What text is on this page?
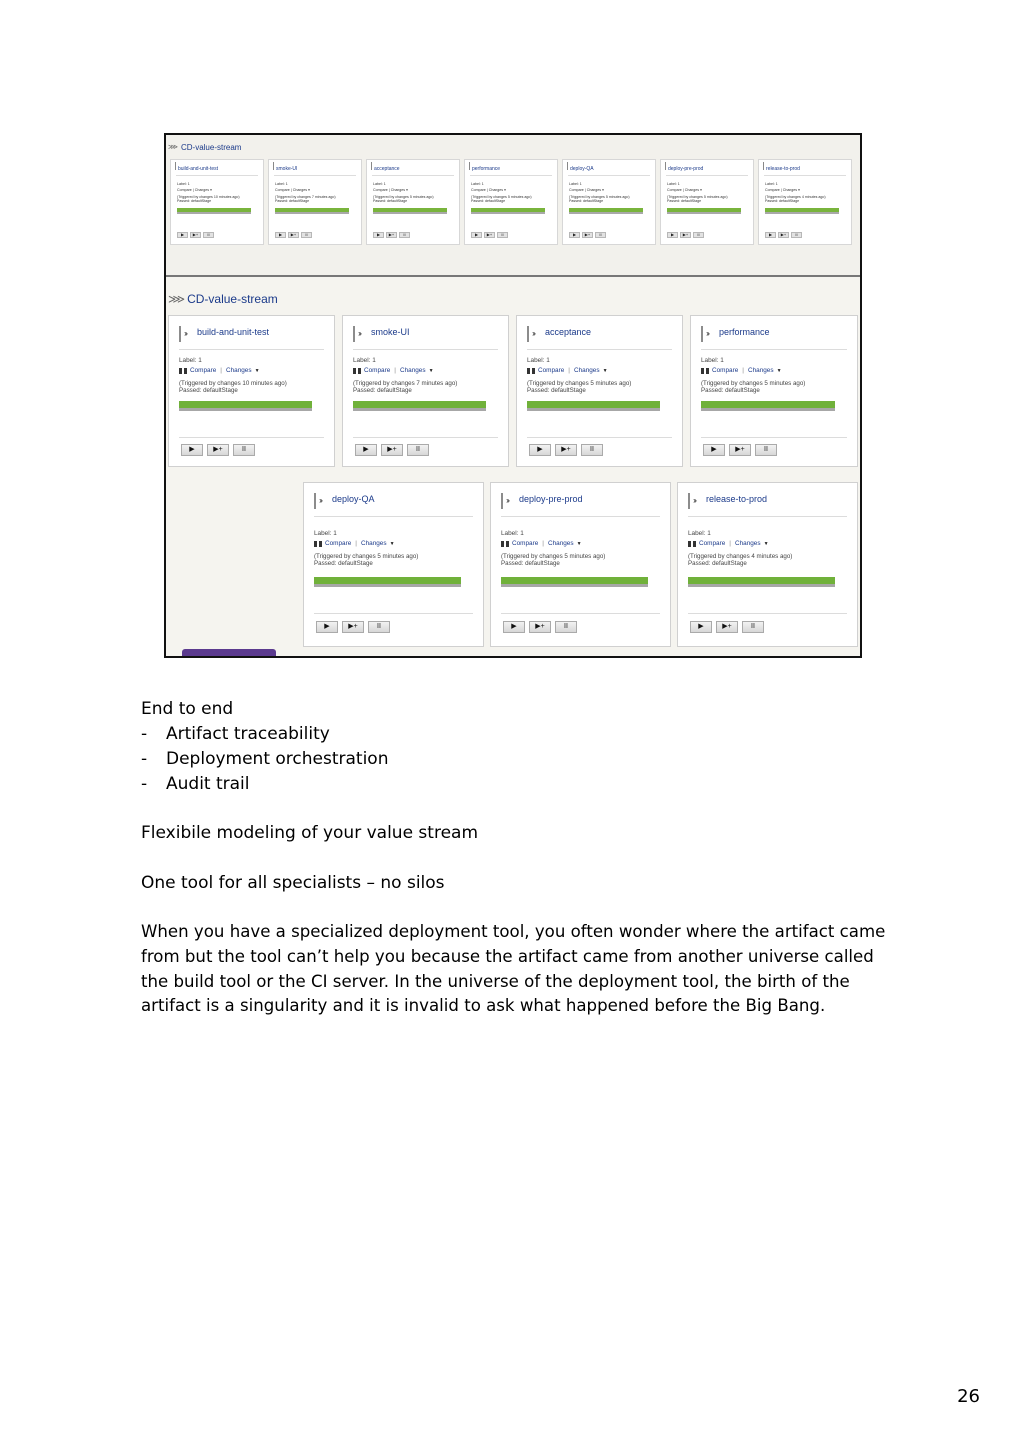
⋙ CD-value-stream
build-and-unit-test
Label: 1
Compare | Changes ▾
(Triggered by changes 10 minutes ago)
Passed: defaultStage
▶	▶+	II
smoke-UI
Label: 1
Compare | Changes ▾
(Triggered by changes 7 minutes ago)
Passed: defaultStage
▶	▶+	II
acceptance
Label: 1
Compare | Changes ▾
(Triggered by changes 5 minutes ago)
Passed: defaultStage
▶	▶+	II
performance
Label: 1
Compare | Changes ▾
(Triggered by changes 5 minutes ago)
Passed: defaultStage
▶	▶+	II
deploy-QA
Label: 1
Compare | Changes ▾
(Triggered by changes 5 minutes ago)
Passed: defaultStage
▶	▶+	II
deploy-pre-prod
Label: 1
Compare | Changes ▾
(Triggered by changes 5 minutes ago)
Passed: defaultStage
▶	▶+	II
release-to-prod
Label: 1
Compare | Changes ▾
(Triggered by changes 4 minutes ago)
Passed: defaultStage
▶	▶+	II
⋙ CD-value-stream
››› build-and-unit-test
Label: 1
Compare | Changes ▼
(Triggered by changes 10 minutes ago)
Passed: defaultStage
▶	▶+	II
››› smoke-UI
Label: 1
Compare | Changes ▼
(Triggered by changes 7 minutes ago)
Passed: defaultStage
▶	▶+	II
››› acceptance
Label: 1
Compare | Changes ▼
(Triggered by changes 5 minutes ago)
Passed: defaultStage
▶	▶+	II
››› performance
Label: 1
Compare | Changes ▼
(Triggered by changes 5 minutes ago)
Passed: defaultStage
▶	▶+	II
››› deploy-QA
Label: 1
Compare | Changes ▼
(Triggered by changes 5 minutes ago)
Passed: defaultStage
▶	▶+	II
››› deploy-pre-prod
Label: 1
Compare | Changes ▼
(Triggered by changes 5 minutes ago)
Passed: defaultStage
▶	▶+	II
››› release-to-prod
Label: 1
Compare | Changes ▼
(Triggered by changes 4 minutes ago)
Passed: defaultStage
▶	▶+	II
End to end
- Artifact traceability
- Deployment orchestration
- Audit trail
Flexibile modeling of your value stream
One tool for all specialists – no silos
When you have a specialized deployment tool, you often wonder where the artifact came from but the tool can’t help you because the artifact came from another universe called the build tool or the CI server. In the universe of the deployment tool, the birth of the artifact is a singularity and it is invalid to ask what happened before the Big Bang.
26
